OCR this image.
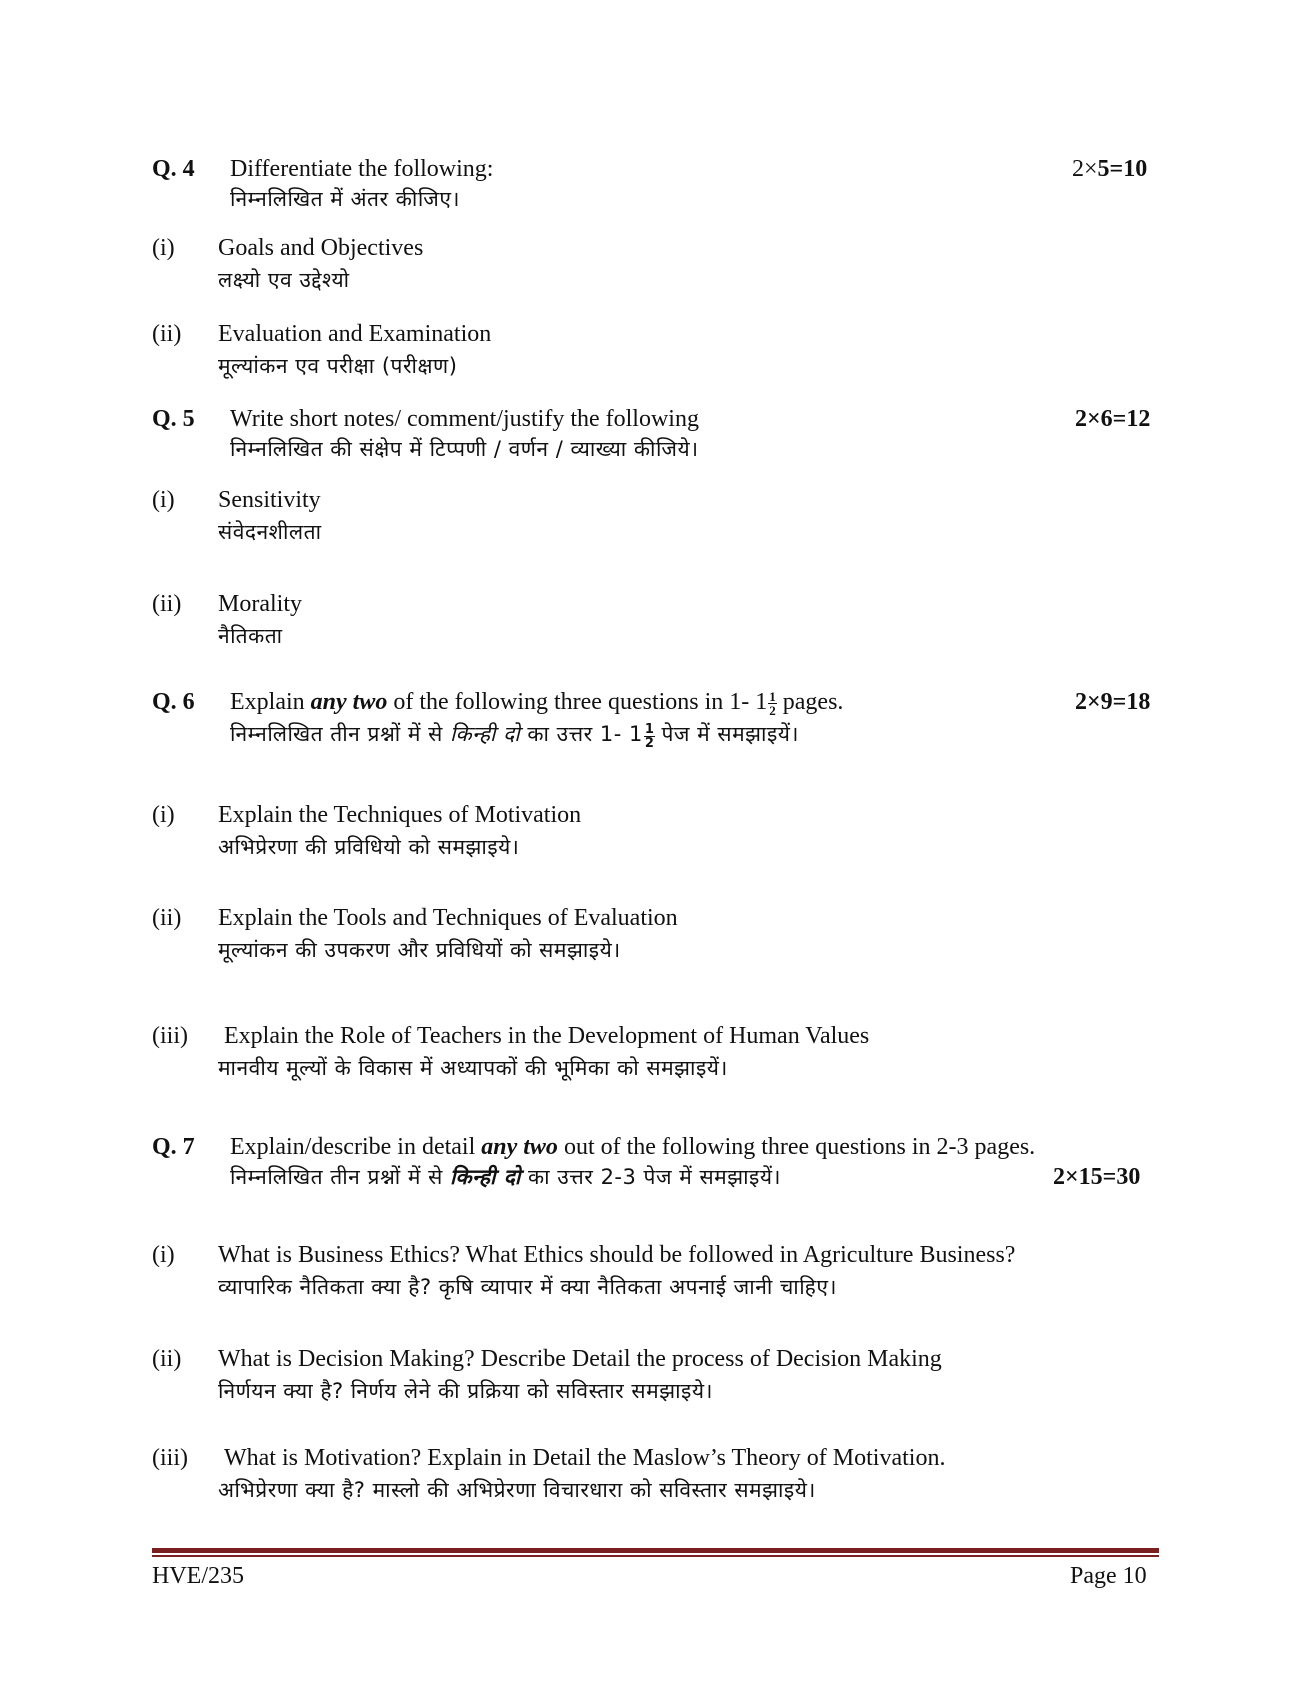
Q. 4 Differentiate the following:	2×5=10
निम्नलिखित में अंतर कीजिए।
(i) Goals and Objectives
लक्ष्यो एव उद्देश्यो
(ii) Evaluation and Examination
मूल्यांकन एव परीक्षा (परीक्षण)
Q. 5 Write short notes/ comment/justify the following	2×6=12
निम्नलिखित की संक्षेप में टिप्पणी / वर्णन / व्याख्या कीजिये।
(i) Sensitivity
संवेदनशीलता
(ii) Morality
नैतिकता
Q. 6 Explain any two of the following three questions in 1- $1 \frac{1}{2}$ pages.	2×9=18
निम्नलिखित तीन प्रश्नों में से किन्ही दो का उत्तर 1- $1 \frac{1}{2}$ पेज में समझाइयें।
(i) Explain the Techniques of Motivation
अभिप्रेरणा की प्रविधियो को समझाइये।
(ii) Explain the Tools and Techniques of Evaluation
मूल्यांकन की उपकरण और प्रविधियों को समझाइये।
(iii) Explain the Role of Teachers in the Development of Human Values
मानवीय मूल्यों के विकास में अध्यापकों की भूमिका को समझाइयें।
Q. 7 Explain/describe in detail any two out of the following three questions in 2-3 pages.
निम्नलिखित तीन प्रश्नों में से किन्ही दो का उत्तर 2-3 पेज में समझाइयें।	2×15=30
(i) What is Business Ethics? What Ethics should be followed in Agriculture Business?
व्यापारिक नैतिकता क्या है? कृषि व्यापार में क्या नैतिकता अपनाई जानी चाहिए।
(ii) What is Decision Making? Describe Detail the process of Decision Making
निर्णयन क्या है? निर्णय लेने की प्रक्रिया को सविस्तार समझाइये।
(iii) What is Motivation? Explain in Detail the Maslow’s Theory of Motivation.
अभिप्रेरणा क्या है? मास्लो की अभिप्रेरणा विचारधारा को सविस्तार समझाइये।
HVE/235	Page 10
